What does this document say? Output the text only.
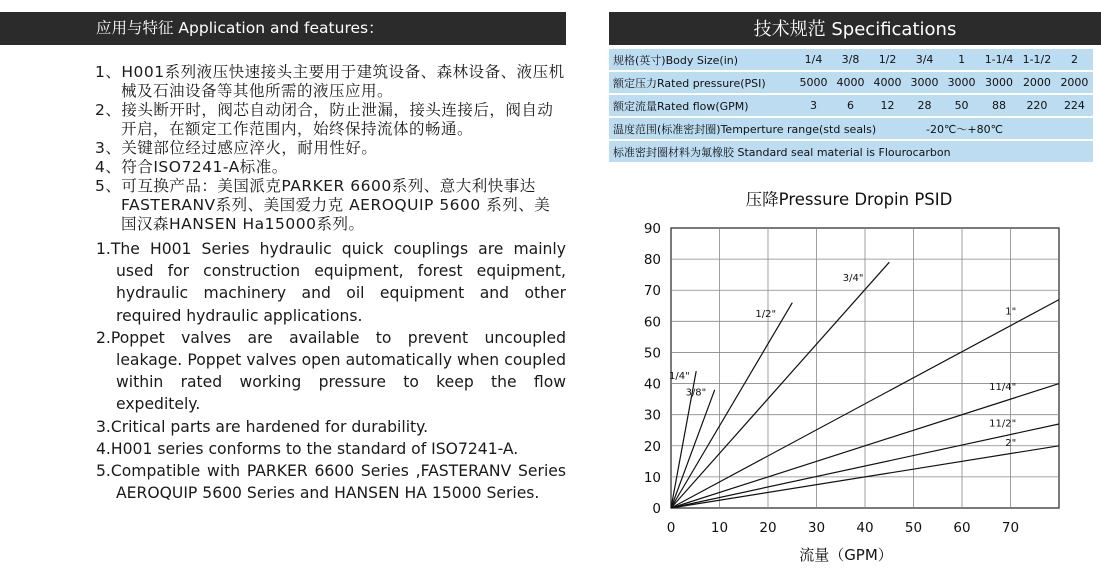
应用与特征 Application and features：
1、H001系列液压快速接头主要用于建筑设备、森林设备、液压机械及石油设备等其他所需的液压应用。
2、接头断开时，阀芯自动闭合，防止泄漏，接头连接后，阀自动开启，在额定工作范围内，始终保持流体的畅通。
3、关键部位经过感应淬火，耐用性好。
4、符合ISO7241-A标准。
5、可互换产品：美国派克PARKER 6600系列、意大利快事达 FASTERANV系列、美国爱力克 AEROQUIP 5600 系列、美国汉森HANSEN Ha15000系列。
1.The H001 Series hydraulic quick couplings are mainly used for construction equipment, forest equipment, hydraulic machinery and oil equipment and other required hydraulic applications.
2.Poppet valves are available to prevent uncoupled leakage. Poppet valves open automatically when coupled within rated working pressure to keep the flow expeditely.
3.Critical parts are hardened for durability.
4.H001 series conforms to the standard of ISO7241-A.
5.Compatible with PARKER 6600 Series ,FASTERANV Series AEROQUIP 5600 Series and HANSEN HA 15000 Series.
技术规范 Specifications
规格(英寸)Body Size(in)	1/4	3/8	1/2	3/4	1	1-1/4	1-1/2	2
额定压力Rated pressure(PSI)	5000	4000	4000	3000	3000	3000	2000	2000
额定流量Rated flow(GPM)	3	6	12	28	50	88	220	224
温度范围(标准密封圈)Temperture range(std seals)				-20℃～+80℃				
标准密封圈材料为氟橡胶 Standard seal material is Flourocarbon								
压降Pressure Dropin PSID
1/4"
3/8"
1/2"
3/4"
1"
11/4"
11/2"
2"
0	10 20 30 40 50 60 70
0
10
20
30
40
50
60
70
80
90
流量（GPM）
